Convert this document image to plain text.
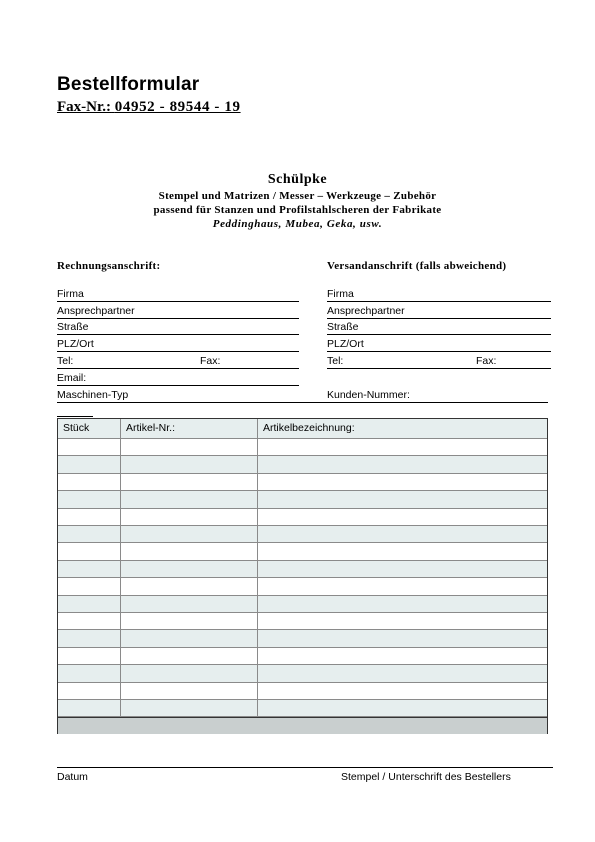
Bestellformular
Fax-Nr.: 04952 - 89544 - 19
Schülpke
Stempel und Matrizen / Messer – Werkzeuge – Zubehör
passend für Stanzen und Profilstahlscheren der Fabrikate
Peddinghaus, Mubea, Geka, usw.
Rechnungsanschrift:	Versandanschrift (falls abweichend)
Firma
Ansprechpartner
Straße
PLZ/Ort
Tel:	Fax:
Email:
Maschinen-Typ
Firma
Ansprechpartner
Straße
PLZ/Ort
Tel:	Fax:
Kunden-Nummer:
Stück	Artikel-Nr.:	Artikelbezeichnung:
Datum	Stempel / Unterschrift des Bestellers
